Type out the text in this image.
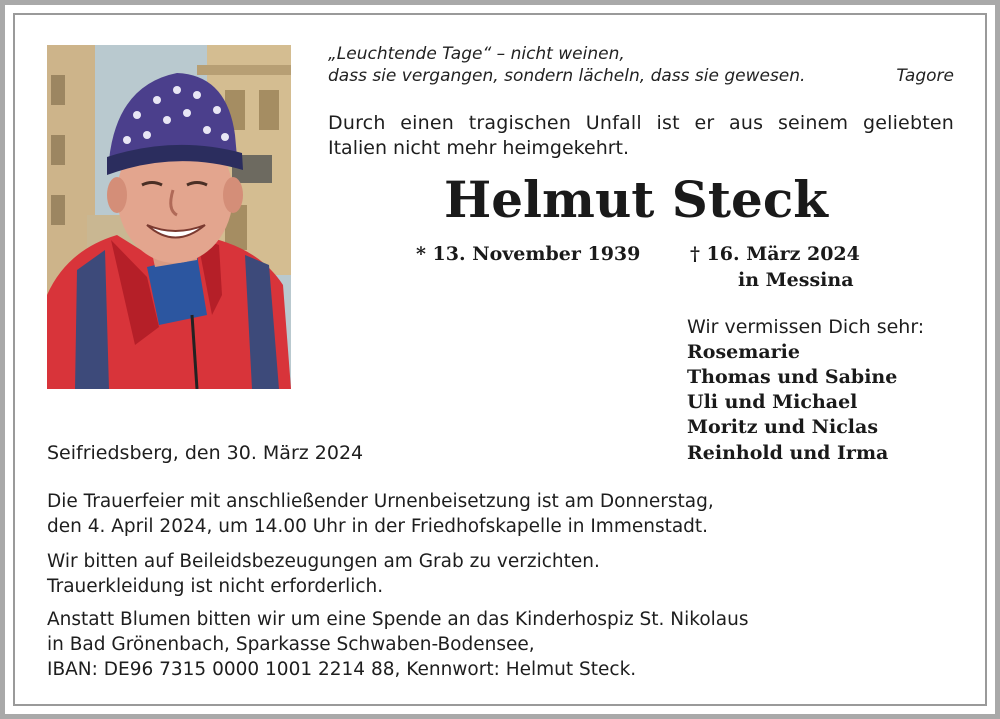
„Leuchtende Tage“ – nicht weinen,
dass sie vergangen, sondern lächeln, dass sie gewesen.	Tagore
Durch einen tragischen Unfall ist er aus seinem geliebten
Italien nicht mehr heimgekehrt.
Helmut Steck
* 13. November 1939	† 16. März 2024
in Messina
Wir vermissen Dich sehr:
Rosemarie
Thomas und Sabine
Uli und Michael
Moritz und Niclas
Reinhold und Irma
Seifriedsberg, den 30. März 2024
Die Trauerfeier mit anschließender Urnenbeisetzung ist am Donnerstag,
den 4. April 2024, um 14.00 Uhr in der Friedhofskapelle in Immenstadt.
Wir bitten auf Beileidsbezeugungen am Grab zu verzichten.
Trauerkleidung ist nicht erforderlich.
Anstatt Blumen bitten wir um eine Spende an das Kinderhospiz St. Nikolaus
in Bad Grönenbach, Sparkasse Schwaben-Bodensee,
IBAN: DE96 7315 0000 1001 2214 88, Kennwort: Helmut Steck.
